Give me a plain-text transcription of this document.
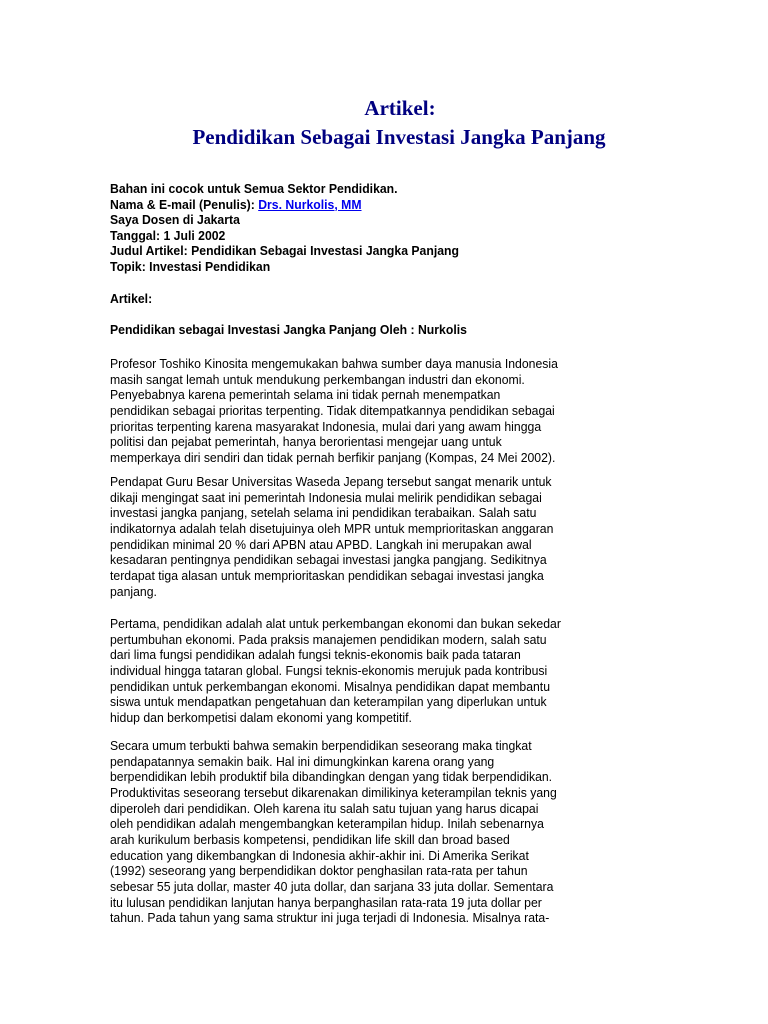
Artikel:
Pendidikan Sebagai Investasi Jangka Panjang
Bahan ini cocok untuk Semua Sektor Pendidikan.
Nama & E-mail (Penulis): Drs. Nurkolis, MM
Saya Dosen di Jakarta
Tanggal: 1 Juli 2002
Judul Artikel: Pendidikan Sebagai Investasi Jangka Panjang
Topik: Investasi Pendidikan
Artikel:
Pendidikan sebagai Investasi Jangka Panjang Oleh : Nurkolis
Profesor Toshiko Kinosita mengemukakan bahwa sumber daya manusia Indonesia
masih sangat lemah untuk mendukung perkembangan industri dan ekonomi.
Penyebabnya karena pemerintah selama ini tidak pernah menempatkan
pendidikan sebagai prioritas terpenting. Tidak ditempatkannya pendidikan sebagai
prioritas terpenting karena masyarakat Indonesia, mulai dari yang awam hingga
politisi dan pejabat pemerintah, hanya berorientasi mengejar uang untuk
memperkaya diri sendiri dan tidak pernah berfikir panjang (Kompas, 24 Mei 2002).
Pendapat Guru Besar Universitas Waseda Jepang tersebut sangat menarik untuk
dikaji mengingat saat ini pemerintah Indonesia mulai melirik pendidikan sebagai
investasi jangka panjang, setelah selama ini pendidikan terabaikan. Salah satu
indikatornya adalah telah disetujuinya oleh MPR untuk memprioritaskan anggaran
pendidikan minimal 20 % dari APBN atau APBD. Langkah ini merupakan awal
kesadaran pentingnya pendidikan sebagai investasi jangka pangjang. Sedikitnya
terdapat tiga alasan untuk memprioritaskan pendidikan sebagai investasi jangka
panjang.
Pertama, pendidikan adalah alat untuk perkembangan ekonomi dan bukan sekedar
pertumbuhan ekonomi. Pada praksis manajemen pendidikan modern, salah satu
dari lima fungsi pendidikan adalah fungsi teknis-ekonomis baik pada tataran
individual hingga tataran global. Fungsi teknis-ekonomis merujuk pada kontribusi
pendidikan untuk perkembangan ekonomi. Misalnya pendidikan dapat membantu
siswa untuk mendapatkan pengetahuan dan keterampilan yang diperlukan untuk
hidup dan berkompetisi dalam ekonomi yang kompetitif.
Secara umum terbukti bahwa semakin berpendidikan seseorang maka tingkat
pendapatannya semakin baik. Hal ini dimungkinkan karena orang yang
berpendidikan lebih produktif bila dibandingkan dengan yang tidak berpendidikan.
Produktivitas seseorang tersebut dikarenakan dimilikinya keterampilan teknis yang
diperoleh dari pendidikan. Oleh karena itu salah satu tujuan yang harus dicapai
oleh pendidikan adalah mengembangkan keterampilan hidup. Inilah sebenarnya
arah kurikulum berbasis kompetensi, pendidikan life skill dan broad based
education yang dikembangkan di Indonesia akhir-akhir ini. Di Amerika Serikat
(1992) seseorang yang berpendidikan doktor penghasilan rata-rata per tahun
sebesar 55 juta dollar, master 40 juta dollar, dan sarjana 33 juta dollar. Sementara
itu lulusan pendidikan lanjutan hanya berpanghasilan rata-rata 19 juta dollar per
tahun. Pada tahun yang sama struktur ini juga terjadi di Indonesia. Misalnya rata-
